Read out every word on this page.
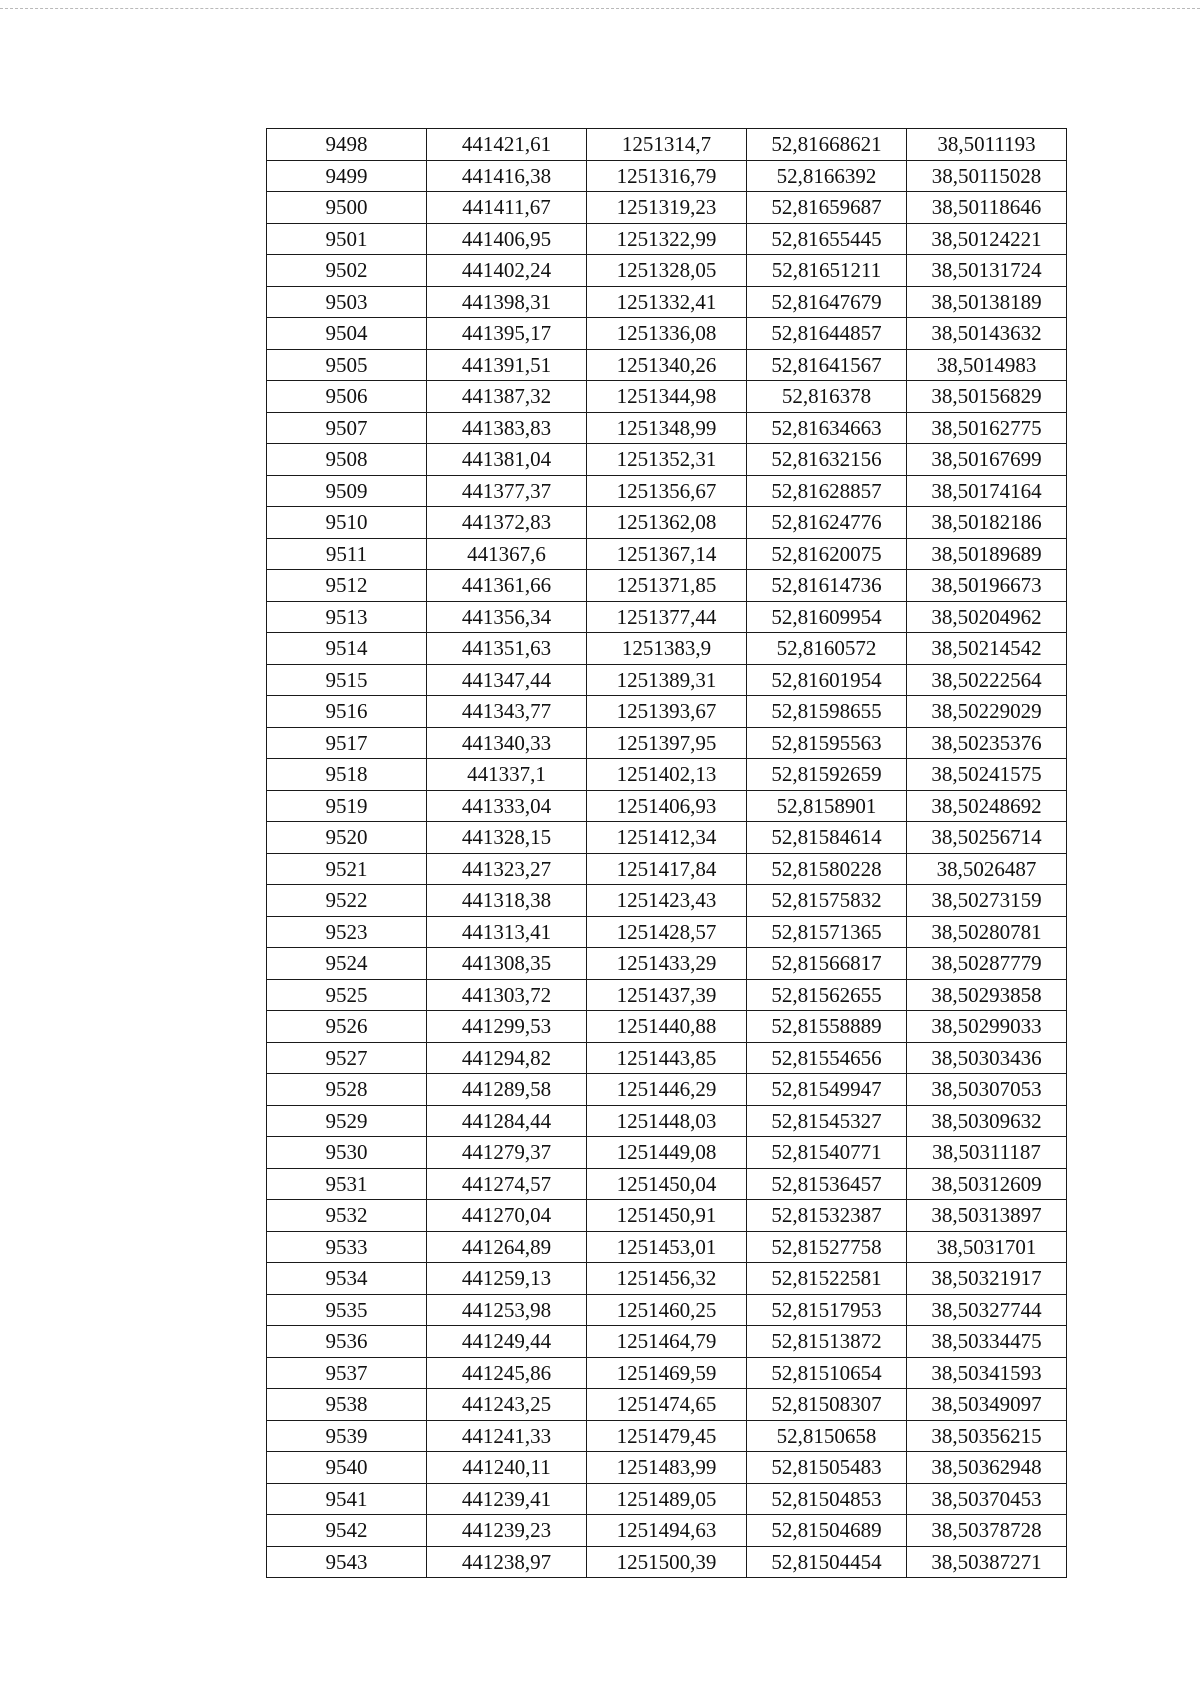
9498	441421,61	1251314,7	52,81668621	38,5011193
9499	441416,38	1251316,79	52,8166392	38,50115028
9500	441411,67	1251319,23	52,81659687	38,50118646
9501	441406,95	1251322,99	52,81655445	38,50124221
9502	441402,24	1251328,05	52,81651211	38,50131724
9503	441398,31	1251332,41	52,81647679	38,50138189
9504	441395,17	1251336,08	52,81644857	38,50143632
9505	441391,51	1251340,26	52,81641567	38,5014983
9506	441387,32	1251344,98	52,816378	38,50156829
9507	441383,83	1251348,99	52,81634663	38,50162775
9508	441381,04	1251352,31	52,81632156	38,50167699
9509	441377,37	1251356,67	52,81628857	38,50174164
9510	441372,83	1251362,08	52,81624776	38,50182186
9511	441367,6	1251367,14	52,81620075	38,50189689
9512	441361,66	1251371,85	52,81614736	38,50196673
9513	441356,34	1251377,44	52,81609954	38,50204962
9514	441351,63	1251383,9	52,8160572	38,50214542
9515	441347,44	1251389,31	52,81601954	38,50222564
9516	441343,77	1251393,67	52,81598655	38,50229029
9517	441340,33	1251397,95	52,81595563	38,50235376
9518	441337,1	1251402,13	52,81592659	38,50241575
9519	441333,04	1251406,93	52,8158901	38,50248692
9520	441328,15	1251412,34	52,81584614	38,50256714
9521	441323,27	1251417,84	52,81580228	38,5026487
9522	441318,38	1251423,43	52,81575832	38,50273159
9523	441313,41	1251428,57	52,81571365	38,50280781
9524	441308,35	1251433,29	52,81566817	38,50287779
9525	441303,72	1251437,39	52,81562655	38,50293858
9526	441299,53	1251440,88	52,81558889	38,50299033
9527	441294,82	1251443,85	52,81554656	38,50303436
9528	441289,58	1251446,29	52,81549947	38,50307053
9529	441284,44	1251448,03	52,81545327	38,50309632
9530	441279,37	1251449,08	52,81540771	38,50311187
9531	441274,57	1251450,04	52,81536457	38,50312609
9532	441270,04	1251450,91	52,81532387	38,50313897
9533	441264,89	1251453,01	52,81527758	38,5031701
9534	441259,13	1251456,32	52,81522581	38,50321917
9535	441253,98	1251460,25	52,81517953	38,50327744
9536	441249,44	1251464,79	52,81513872	38,50334475
9537	441245,86	1251469,59	52,81510654	38,50341593
9538	441243,25	1251474,65	52,81508307	38,50349097
9539	441241,33	1251479,45	52,8150658	38,50356215
9540	441240,11	1251483,99	52,81505483	38,50362948
9541	441239,41	1251489,05	52,81504853	38,50370453
9542	441239,23	1251494,63	52,81504689	38,50378728
9543	441238,97	1251500,39	52,81504454	38,50387271
